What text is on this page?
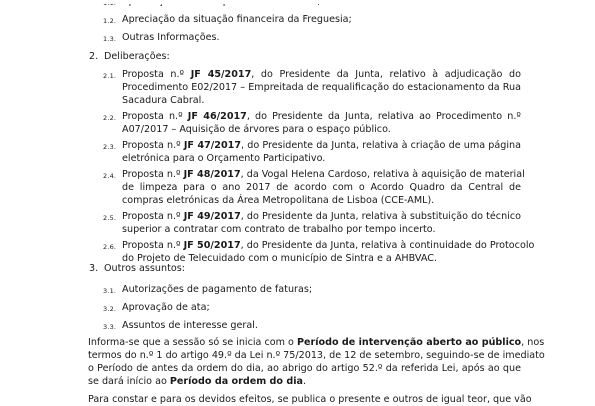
1.2. Apreciação da situação financeira da Freguesia;
1.3. Outras Informações.
2. Deliberações:
2.1. Proposta n.º JF 45/2017, do Presidente da Junta, relativo à adjudicação do
Procedimento E02/2017 – Empreitada de requalificação do estacionamento da Rua
Sacadura Cabral.
2.2. Proposta n.º JF 46/2017, do Presidente da Junta, relativa ao Procedimento n.º
A07/2017 – Aquisição de árvores para o espaço público.
2.3. Proposta n.º JF 47/2017, do Presidente da Junta, relativa à criação de uma página
eletrónica para o Orçamento Participativo.
2.4. Proposta n.º JF 48/2017, da Vogal Helena Cardoso, relativa à aquisição de material
de limpeza para o ano 2017 de acordo com o Acordo Quadro da Central de
compras eletrónicas da Área Metropolitana de Lisboa (CCE-AML).
2.5. Proposta n.º JF 49/2017, do Presidente da Junta, relativa à substituição do técnico
superior a contratar com contrato de trabalho por tempo incerto.
2.6. Proposta n.º JF 50/2017, do Presidente da Junta, relativa à continuidade do Protocolo
do Projeto de Telecuidado com o município de Sintra e a AHBVAC.
3. Outros assuntos:
3.1. Autorizações de pagamento de faturas;
3.2. Aprovação de ata;
3.3. Assuntos de interesse geral.
Informa-se que a sessão só se inicia com o Período de intervenção aberto ao público, nos
termos do n.º 1 do artigo 49.º da Lei n.º 75/2013, de 12 de setembro, seguindo-se de imediato
o Período de antes da ordem do dia, ao abrigo do artigo 52.º da referida Lei, após ao que
se dará início ao Período da ordem do dia.
Para constar e para os devidos efeitos, se publica o presente e outros de igual teor, que vão
